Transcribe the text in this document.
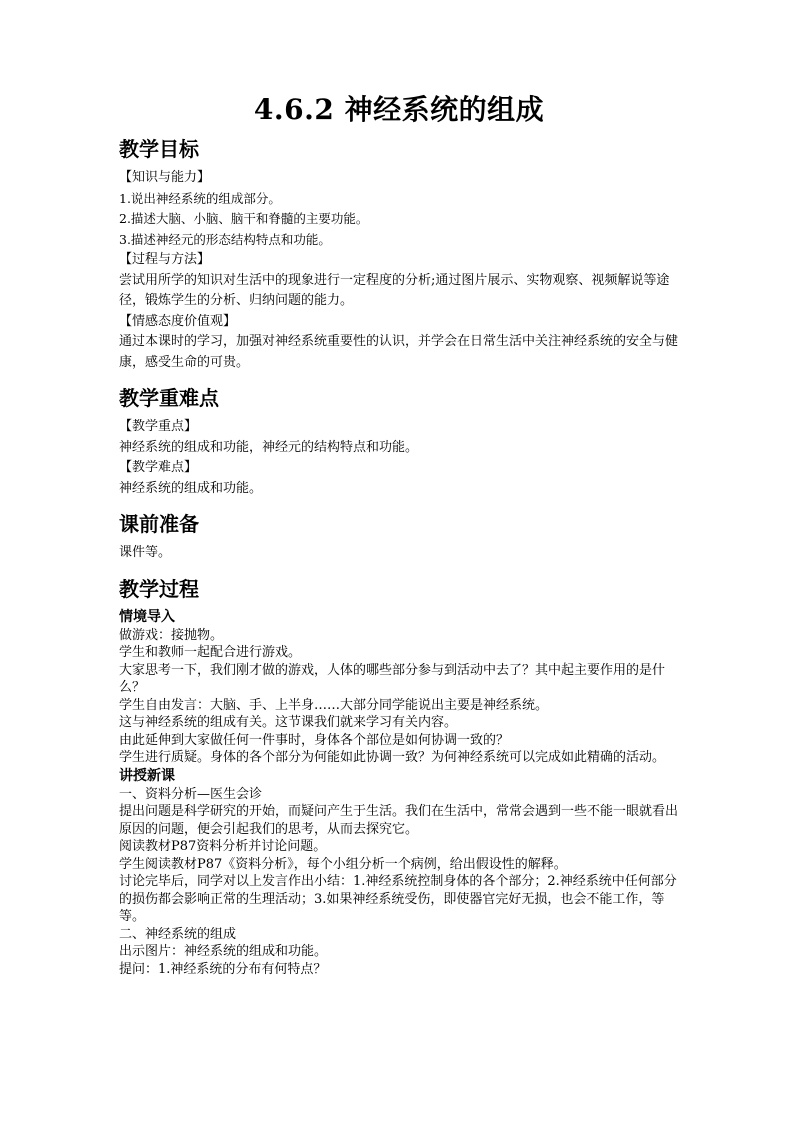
4.6.2 神经系统的组成
教学目标

【知识与能力】

1.说出神经系统的组成部分。

2.描述大脑、小脑、脑干和脊髓的主要功能。

3.描述神经元的形态结构特点和功能。

【过程与方法】

尝试用所学的知识对生活中的现象进行一定程度的分析;通过图片展示、实物观察、视频解说等途径，锻炼学生的分析、归纳问题的能力。

【情感态度价值观】

通过本课时的学习，加强对神经系统重要性的认识，并学会在日常生活中关注神经系统的安全与健康，感受生命的可贵。

教学重难点

【教学重点】

神经系统的组成和功能，神经元的结构特点和功能。

【教学难点】

神经系统的组成和功能。

课前准备

课件等。

教学过程
情境导入

做游戏：接抛物。

学生和教师一起配合进行游戏。

大家思考一下，我们刚才做的游戏，人体的哪些部分参与到活动中去了？其中起主要作用的是什么？

学生自由发言：大脑、手、上半身……大部分同学能说出主要是神经系统。

这与神经系统的组成有关。这节课我们就来学习有关内容。

由此延伸到大家做任何一件事时，身体各个部位是如何协调一致的？

学生进行质疑。身体的各个部分为何能如此协调一致？为何神经系统可以完成如此精确的活动。

讲授新课

一、资料分析—医生会诊

提出问题是科学研究的开始，而疑问产生于生活。我们在生活中，常常会遇到一些不能一眼就看出原因的问题，便会引起我们的思考，从而去探究它。

阅读教材P87资料分析并讨论问题。

学生阅读教材P87《资料分析》，每个小组分析一个病例，给出假设性的解释。

讨论完毕后，同学对以上发言作出小结：1.神经系统控制身体的各个部分；2.神经系统中任何部分的损伤都会影响正常的生理活动；3.如果神经系统受伤，即使器官完好无损，也会不能工作，等等。

二、神经系统的组成

出示图片：神经系统的组成和功能。

提问：1.神经系统的分布有何特点？
